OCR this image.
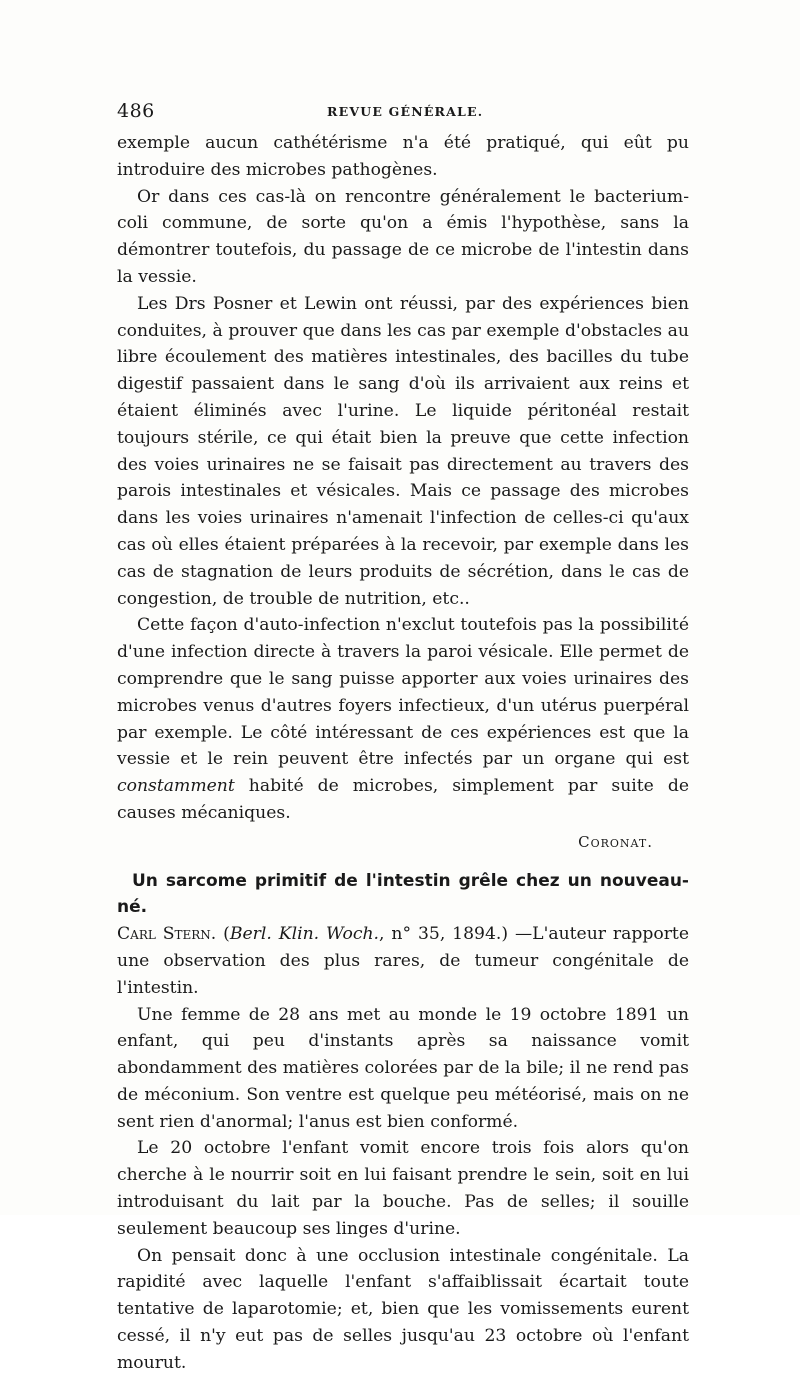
486	REVUE GÉNÉRALE.

exemple aucun cathétérisme n'a été pratiqué, qui eût pu introduire des microbes pathogènes.

Or dans ces cas-là on rencontre généralement le bacterium-coli commune, de sorte qu'on a émis l'hypothèse, sans la démontrer toutefois, du passage de ce microbe de l'intestin dans la vessie.

Les Drs Posner et Lewin ont réussi, par des expériences bien conduites, à prouver que dans les cas par exemple d'obstacles au libre écoulement des matières intestinales, des bacilles du tube digestif passaient dans le sang d'où ils arrivaient aux reins et étaient éliminés avec l'urine. Le liquide péritonéal restait toujours stérile, ce qui était bien la preuve que cette infection des voies urinaires ne se faisait pas directement au travers des parois intestinales et vésicales. Mais ce passage des microbes dans les voies urinaires n'amenait l'infection de celles-ci qu'aux cas où elles étaient préparées à la recevoir, par exemple dans les cas de stagnation de leurs produits de sécrétion, dans le cas de congestion, de trouble de nutrition, etc..

Cette façon d'auto-infection n'exclut toutefois pas la possibilité d'une infection directe à travers la paroi vésicale. Elle permet de comprendre que le sang puisse apporter aux voies urinaires des microbes venus d'autres foyers infectieux, d'un utérus puerpéral par exemple. Le côté intéressant de ces expériences est que la vessie et le rein peuvent être infectés par un organe qui est constamment habité de microbes, simplement par suite de causes mécaniques.

Coronat.

Un sarcome primitif de l'intestin grêle chez un nouveau-né.

Carl Stern. (Berl. Klin. Woch., n° 35, 1894.) —L'auteur rapporte une observation des plus rares, de tumeur congénitale de l'intestin.

Une femme de 28 ans met au monde le 19 octobre 1891 un enfant, qui peu d'instants après sa naissance vomit abondamment des matières colorées par de la bile; il ne rend pas de méconium. Son ventre est quelque peu météorisé, mais on ne sent rien d'anormal; l'anus est bien conformé.

Le 20 octobre l'enfant vomit encore trois fois alors qu'on cherche à le nourrir soit en lui faisant prendre le sein, soit en lui introduisant du lait par la bouche. Pas de selles; il souille seulement beaucoup ses linges d'urine.

On pensait donc à une occlusion intestinale congénitale. La rapidité avec laquelle l'enfant s'affaiblissait écartait toute tentative de laparotomie; et, bien que les vomissements eurent cessé, il n'y eut pas de selles jusqu'au 23 octobre où l'enfant mourut.
